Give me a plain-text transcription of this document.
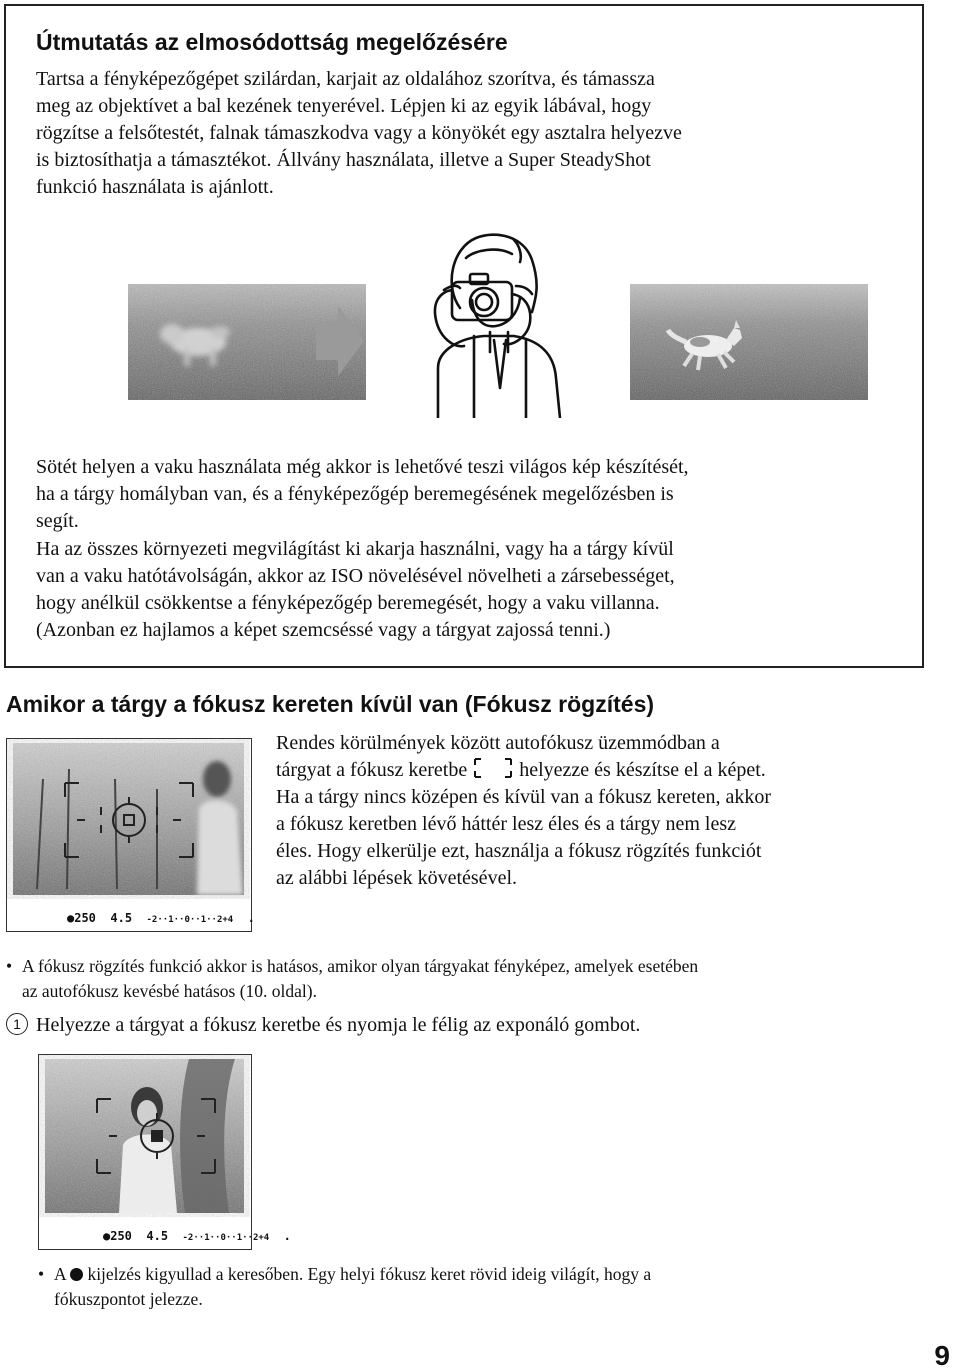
Útmutatás az elmosódottság megelőzésére
Tartsa a fényképezőgépet szilárdan, karjait az oldalához szorítva, és támassza
meg az objektívet a bal kezének tenyerével. Lépjen ki az egyik lábával, hogy
rögzítse a felsőtestét, falnak támaszkodva vagy a könyökét egy asztalra helyezve
is biztosíthatja a támasztékot. Állvány használata, illetve a Super SteadyShot
funkció használata is ajánlott.
Sötét helyen a vaku használata még akkor is lehetővé teszi világos kép készítését,
ha a tárgy homályban van, és a fényképezőgép beremegésének megelőzésben is
segít.
Ha az összes környezeti megvilágítást ki akarja használni, vagy ha a tárgy kívül
van a vaku hatótávolságán, akkor az ISO növelésével növelheti a zársebességet,
hogy anélkül csökkentse a fényképezőgép beremegését, hogy a vaku villanna.
(Azonban ez hajlamos a képet szemcséssé vagy a tárgyat zajossá tenni.)
Amikor a tárgy a fókusz kereten kívül van (Fókusz rögzítés)
●250 4.5 -2··1··0··1··2+4  .
Rendes körülmények között autofókusz üzemmódban a
tárgyat a fókusz keretbe	helyezze és készítse el a képet.
Ha a tárgy nincs középen és kívül van a fókusz kereten, akkor
a fókusz keretben lévő háttér lesz éles és a tárgy nem lesz
éles. Hogy elkerülje ezt, használja a fókusz rögzítés funkciót
az alábbi lépések követésével.
• A fókusz rögzítés funkció akkor is hatásos, amikor olyan tárgyakat fényképez, amelyek esetében
az autofókusz kevésbé hatásos (10. oldal).
1 Helyezze a tárgyat a fókusz keretbe és nyomja le félig az exponáló gombot.
●250 4.5 -2··1··0··1··2+4  .
• A kijelzés kigyullad a keresőben. Egy helyi fókusz keret rövid ideig világít, hogy a
fókuszpontot jelezze.
9
